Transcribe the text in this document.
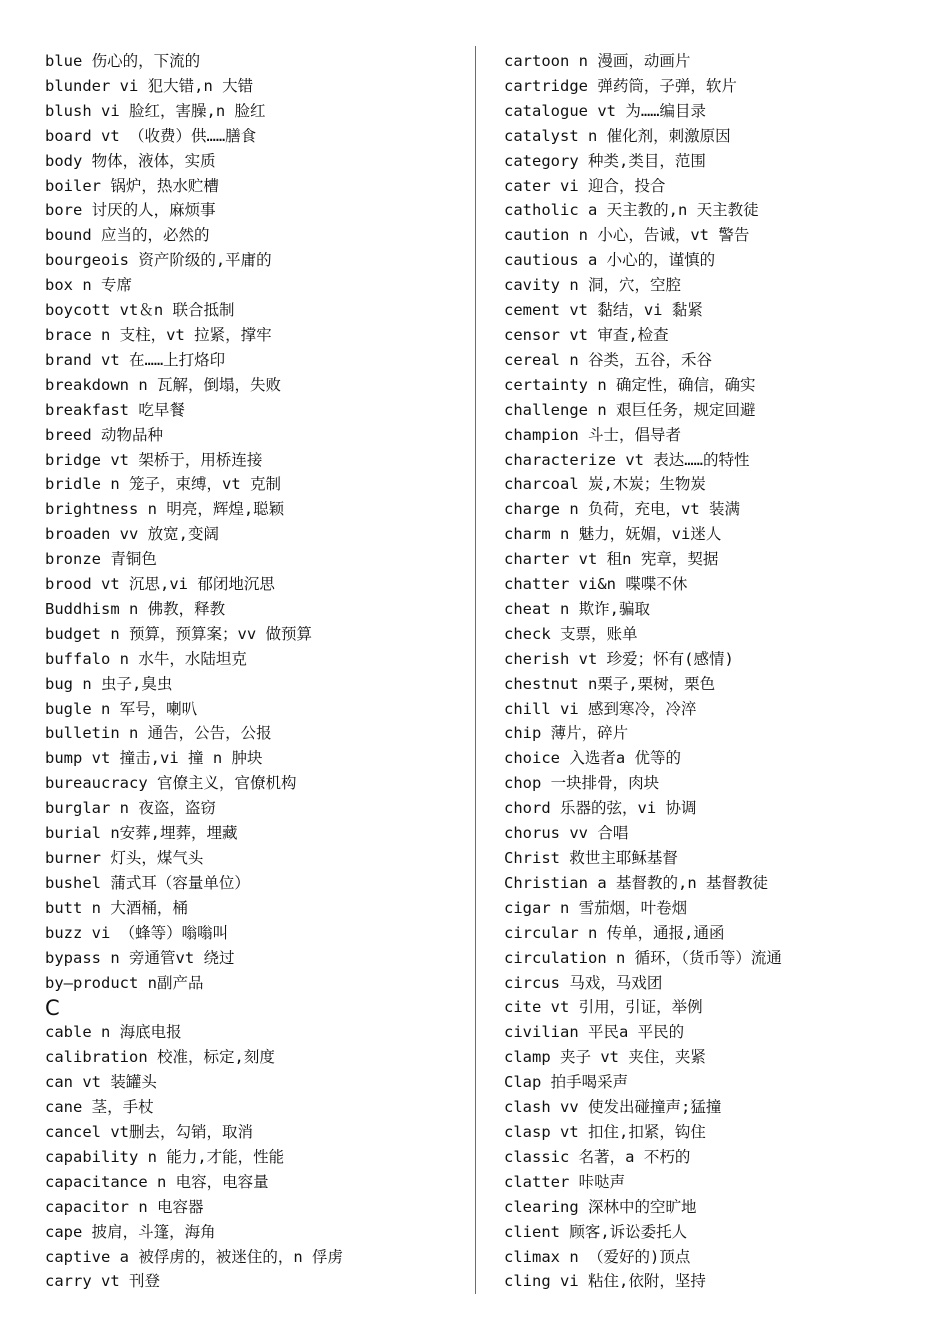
blue 伤心的，下流的
blunder vi 犯大错,n 大错
blush vi 脸红，害臊,n 脸红
board vt （收费）供……膳食
body 物体，液体，实质
boiler 锅炉，热水贮槽
bore 讨厌的人，麻烦事
bound 应当的，必然的
bourgeois 资产阶级的,平庸的
box n 专席
boycott vt＆n 联合抵制
brace n 支柱，vt 拉紧，撑牢
brand vt 在……上打烙印
breakdown n 瓦解，倒塌，失败
breakfast 吃早餐
breed 动物品种
bridge vt 架桥于，用桥连接
bridle n 笼子，束缚，vt 克制
brightness n 明亮，辉煌,聪颖
broaden vv 放宽,变阔
bronze 青铜色
brood vt 沉思,vi 郁闭地沉思
Buddhism n 佛教，释教
budget n 预算，预算案；vv 做预算
buffalo n 水牛，水陆坦克
bug n 虫子,臭虫
bugle n 军号，喇叭
bulletin n 通告，公告，公报
bump vt 撞击,vi 撞 n 肿块
bureaucracy 官僚主义，官僚机构
burglar n 夜盗，盗窃
burial n安葬,埋葬，埋藏
burner 灯头，煤气头
bushel 蒲式耳（容量单位）
butt n 大酒桶，桶
buzz vi （蜂等）嗡嗡叫
bypass n 旁通管vt 绕过
by—product n副产品
C
cable n 海底电报
calibration 校准，标定,刻度
can vt 装罐头
cane 茎，手杖
cancel vt删去，勾销，取消
capability n 能力,才能，性能
capacitance n 电容，电容量
capacitor n 电容器
cape 披肩，斗篷，海角
captive a 被俘虏的，被迷住的，n 俘虏
carry vt 刊登
cartoon n 漫画，动画片
cartridge 弹药筒，子弹，软片
catalogue vt 为……编目录
catalyst n 催化剂，刺激原因
category 种类,类目，范围
cater vi 迎合，投合
catholic a 天主教的,n 天主教徒
caution n 小心，告诫，vt 警告
cautious a 小心的，谨慎的
cavity n 洞，穴，空腔
cement vt 黏结，vi 黏紧
censor vt 审查,检查
cereal n 谷类，五谷，禾谷
certainty n 确定性，确信，确实
challenge n 艰巨任务，规定回避
champion 斗士，倡导者
characterize vt 表达……的特性
charcoal 炭,木炭；生物炭
charge n 负荷，充电，vt 装满
charm n 魅力，妩媚，vi迷人
charter vt 租n 宪章，契据
chatter vi&n 喋喋不休
cheat n 欺诈,骗取
check 支票，账单
cherish vt 珍爱；怀有(感情)
chestnut n栗子,栗树，栗色
chill vi 感到寒冷，冷淬
chip 薄片，碎片
choice 入选者a 优等的
chop 一块排骨，肉块
chord 乐器的弦，vi 协调
chorus vv 合唱
Christ 救世主耶稣基督
Christian a 基督教的,n 基督教徒
cigar n 雪茄烟，叶卷烟
circular n 传单，通报,通函
circulation n 循环，（货币等）流通
circus 马戏，马戏团
cite vt 引用，引证，举例
civilian 平民a 平民的
clamp 夹子 vt 夹住，夹紧
Clap 拍手喝采声
clash vv 使发出碰撞声;猛撞
clasp vt 扣住,扣紧，钩住
classic 名著，a 不朽的
clatter 咔哒声
clearing 深林中的空旷地
client 顾客,诉讼委托人
climax n （爱好的)顶点
cling vi 粘住,依附，坚持
